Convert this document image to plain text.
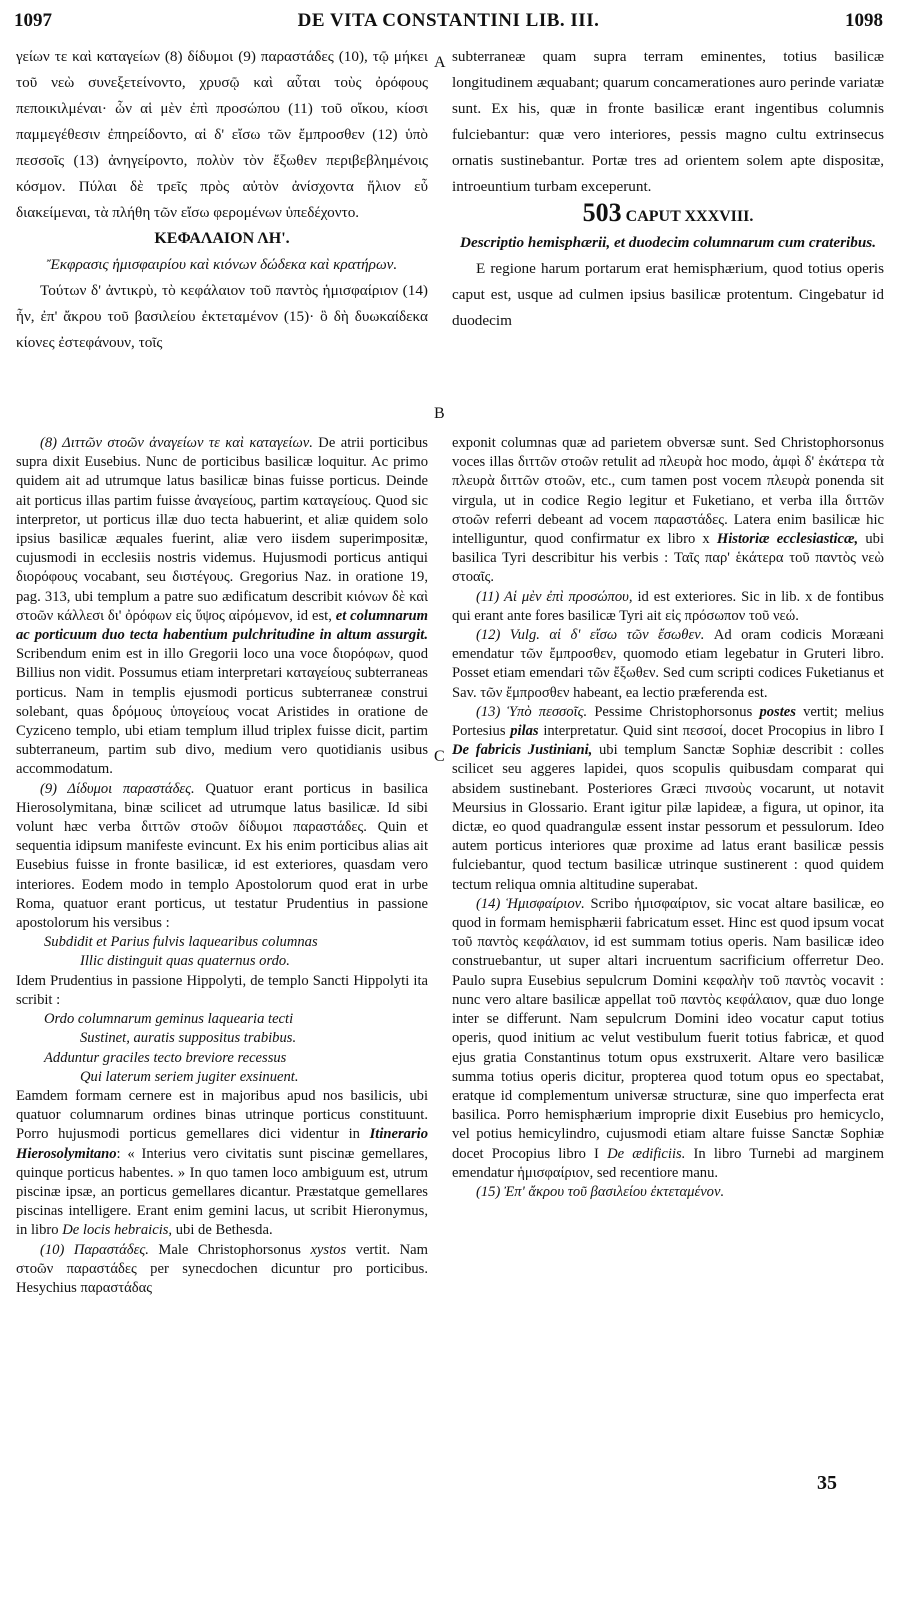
1097	DE VITA CONSTANTINI LIB. III.	1098
A
B
C

γείων τε καὶ καταγείων (8) δίδυμοι (9) παραστάδες (10), τῷ μήκει τοῦ νεὼ συνεξετείνοντο, χρυσῷ καὶ αὗται τοὺς ὀρόφους πεποικιλμέναι· ὧν αἱ μὲν ἐπὶ προσώπου (11) τοῦ οἴκου, κίοσι παμμεγέθεσιν ἐπηρείδοντο, αἱ δ' εἴσω τῶν ἔμπροσθεν (12) ὑπὸ πεσσοῖς (13) ἀνηγείροντο, πολὺν τὸν ἔξωθεν περιβεβλημένοις κόσμον. Πύλαι δὲ τρεῖς πρὸς αὐτὸν ἀνίσχοντα ἥλιον εὖ διακείμεναι, τὰ πλήθη τῶν εἴσω φερομένων ὑπεδέχοντο.

ΚΕΦΑΛΑΙΟΝ ΛΗ'.

Ἔκφρασις ἡμισφαιρίου καὶ κιόνων δώδεκα καὶ κρατήρων.

Τούτων δ' ἀντικρὺ, τὸ κεφάλαιον τοῦ παντὸς ἡμισφαίριον (14) ἦν, ἐπ' ἄκρου τοῦ βασιλείου ἐκτεταμένον (15)· ὃ δὴ δυωκαίδεκα κίονες ἐστεφάνουν, τοῖς

subterraneæ quam supra terram eminentes, totius basilicæ longitudinem æquabant; quarum concamerationes auro perinde variatæ sunt. Ex his, quæ in fronte basilicæ erant ingentibus columnis fulciebantur: quæ vero interiores, pessis magno cultu extrinsecus ornatis sustinebantur. Portæ tres ad orientem solem apte dispositæ, introeuntium turbam exceperunt.

503 CAPUT XXXVIII.

Descriptio hemisphærii, et duodecim columnarum cum crateribus.

E regione harum portarum erat hemisphærium, quod totius operis caput est, usque ad culmen ipsius basilicæ protentum. Cingebatur id duodecim

(8) Διττῶν στοῶν ἀναγείων τε καὶ καταγείων. De atrii porticibus supra dixit Eusebius. Nunc de porticibus basilicæ loquitur. Ac primo quidem ait ad utrumque latus basilicæ binas fuisse porticus. Deinde ait porticus illas partim fuisse ἀναγείους, partim καταγείους. Quod sic interpretor, ut porticus illæ duo tecta habuerint, et aliæ quidem solo ipsius basilicæ æquales fuerint, aliæ vero iisdem superimpositæ, cujusmodi in ecclesiis nostris videmus. Hujusmodi porticus antiqui διορόφους vocabant, seu διστέγους. Gregorius Naz. in oratione 19, pag. 313, ubi templum a patre suo ædificatum describit κιόνων δὲ καὶ στοῶν κάλλεσι δι' ὀρόφων εἰς ὕψος αἰρόμενον, id est, et columnarum ac porticuum duo tecta habentium pulchritudine in altum assurgit. Scribendum enim est in illo Gregorii loco una voce διορόφων, quod Billius non vidit. Possumus etiam interpretari καταγείους subterraneas porticus. Nam in templis ejusmodi porticus subterraneæ construi solebant, quas δρόμους ὑπογείους vocat Aristides in oratione de Cyziceno templo, ubi etiam templum illud triplex fuisse dicit, partim subterraneum, partim sub divo, medium vero quotidianis usibus accommodatum.

(9) Δίδυμοι παραστάδες. Quatuor erant porticus in basilica Hierosolymitana, binæ scilicet ad utrumque latus basilicæ. Id sibi volunt hæc verba διττῶν στοῶν δίδυμοι παραστάδες. Quin et sequentia idipsum manifeste evincunt. Ex his enim porticibus alias ait Eusebius fuisse in fronte basilicæ, id est exteriores, quasdam vero interiores. Eodem modo in templo Apostolorum quod erat in urbe Roma, quatuor erant porticus, ut testatur Prudentius in passione apostolorum his versibus :

Subdidit et Parius fulvis laquearibus columnas

Illic distinguit quas quaternus ordo.

Idem Prudentius in passione Hippolyti, de templo Sancti Hippolyti ita scribit :

Ordo columnarum geminus laquearia tecti

Sustinet, auratis suppositus trabibus.

Adduntur graciles tecto breviore recessus

Qui laterum seriem jugiter exsinuent.

Eamdem formam cernere est in majoribus apud nos basilicis, ubi quatuor columnarum ordines binas utrinque porticus constituunt. Porro hujusmodi porticus gemellares dici videntur in Itinerario Hierosolymitano: « Interius vero civitatis sunt piscinæ gemellares, quinque porticus habentes. » In quo tamen loco ambiguum est, utrum piscinæ ipsæ, an porticus gemellares dicantur. Præstatque gemellares piscinas intelligere. Erant enim gemini lacus, ut scribit Hieronymus, in libro De locis hebraicis, ubi de Bethesda.

(10) Παραστάδες. Male Christophorsonus xystos vertit. Nam στοῶν παραστάδες per synecdochen dicuntur pro porticibus. Hesychius παραστάδας

exponit columnas quæ ad parietem obversæ sunt. Sed Christophorsonus voces illas διττῶν στοῶν retulit ad πλευρὰ hoc modo, ἀμφὶ δ' ἑκάτερα τὰ πλευρὰ διττῶν στοῶν, etc., cum tamen post vocem πλευρὰ ponenda sit virgula, ut in codice Regio legitur et Fuketiano, et verba illa διττῶν στοῶν referri debeant ad vocem παραστάδες. Latera enim basilicæ hic intelliguntur, quod confirmatur ex libro x Historiæ ecclesiasticæ, ubi basilica Tyri describitur his verbis : Ταῖς παρ' ἑκάτερα τοῦ παντὸς νεὼ στοαῖς.

(11) Αἱ μὲν ἐπὶ προσώπου, id est exteriores. Sic in lib. x de fontibus qui erant ante fores basilicæ Tyri ait εἰς πρόσωπον τοῦ νεώ.

(12) Vulg. αἱ δ' εἴσω τῶν ἔσωθεν. Ad oram codicis Moræani emendatur τῶν ἔμπροσθεν, quomodo etiam legebatur in Gruteri libro. Posset etiam emendari τῶν ἔξωθεν. Sed cum scripti codices Fuketianus et Sav. τῶν ἔμπροσθεν habeant, ea lectio præferenda est.

(13) Ὑπὸ πεσσοῖς. Pessime Christophorsonus postes vertit; melius Portesius pilas interpretatur. Quid sint πεσσοί, docet Procopius in libro I De fabricis Justiniani, ubi templum Sanctæ Sophiæ describit : colles scilicet seu aggeres lapidei, quos scopulis quibusdam comparat qui absidem sustinebant. Posteriores Græci πινσοὺς vocarunt, ut notavit Meursius in Glossario. Erant igitur pilæ lapideæ, a figura, ut opinor, ita dictæ, eo quod quadrangulæ essent instar pessorum et pessulorum. Ideo autem porticus interiores quæ proxime ad latus erant basilicæ pessis fulciebantur, quod tectum basilicæ utrinque sustinerent : quod quidem tectum reliqua omnia altitudine superabat.

(14) Ἡμισφαίριον. Scribo ἡμισφαίριον, sic vocat altare basilicæ, eo quod in formam hemisphærii fabricatum esset. Hinc est quod ipsum vocat τοῦ παντὸς κεφάλαιον, id est summam totius operis. Nam basilicæ ideo construebantur, ut super altari incruentum sacrificium offerretur Deo. Paulo supra Eusebius sepulcrum Domini κεφαλὴν τοῦ παντὸς vocavit : nunc vero altare basilicæ appellat τοῦ παντὸς κεφάλαιον, quæ duo longe inter se differunt. Nam sepulcrum Domini ideo vocatur caput totius operis, quod initium ac velut vestibulum fuerit totius fabricæ, et quod ejus gratia Constantinus totum opus exstruxerit. Altare vero basilicæ summa totius operis dicitur, propterea quod totum opus eo spectabat, eratque id complementum universæ structuræ, sine quo imperfecta erat basilica. Porro hemisphærium improprie dixit Eusebius pro hemicyclo, vel potius hemicylindro, cujusmodi etiam altare fuisse Sanctæ Sophiæ docet Procopius libro I De ædificiis. In libro Turnebi ad marginem emendatur ἡμισφαίριον, sed recentiore manu.

(15) Ἐπ' ἄκρου τοῦ βασιλείου ἐκτεταμένον.

35
